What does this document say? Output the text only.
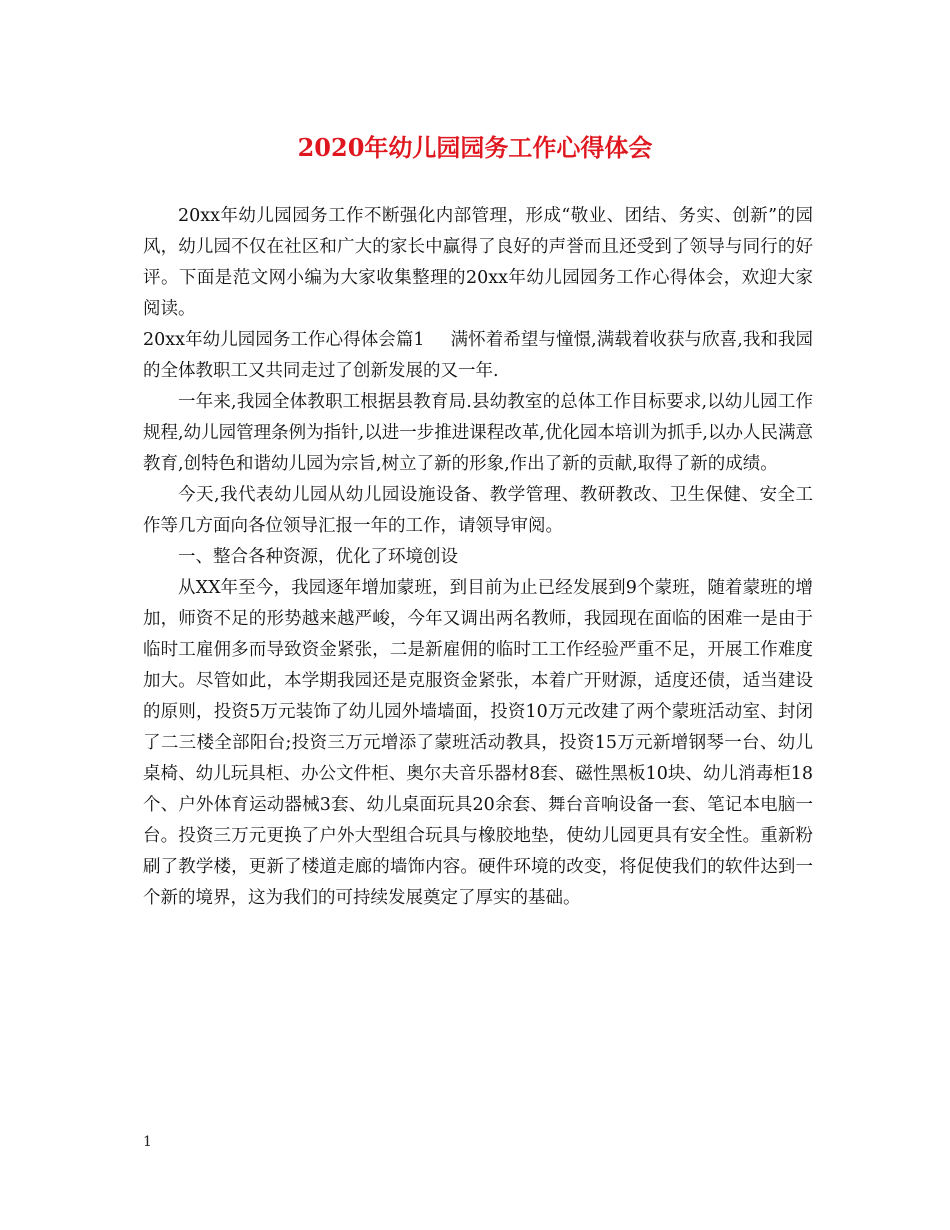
2020年幼儿园园务工作心得体会

20xx年幼儿园园务工作不断强化内部管理，形成“敬业、团结、务实、创新”的园风，幼儿园不仅在社区和广大的家长中赢得了良好的声誉而且还受到了领导与同行的好评。下面是范文网小编为大家收集整理的20xx年幼儿园园务工作心得体会，欢迎大家阅读。

20xx年幼儿园园务工作心得体会篇1 满怀着希望与憧憬,满载着收获与欣喜,我和我园的全体教职工又共同走过了创新发展的又一年.

一年来,我园全体教职工根据县教育局.县幼教室的总体工作目标要求,以幼儿园工作规程,幼儿园管理条例为指针,以进一步推进课程改革,优化园本培训为抓手,以办人民满意教育,创特色和谐幼儿园为宗旨,树立了新的形象,作出了新的贡献,取得了新的成绩。

今天,我代表幼儿园从幼儿园设施设备、教学管理、教研教改、卫生保健、安全工作等几方面向各位领导汇报一年的工作，请领导审阅。

一、整合各种资源，优化了环境创设

从XX年至今，我园逐年增加蒙班，到目前为止已经发展到9个蒙班，随着蒙班的增加，师资不足的形势越来越严峻，今年又调出两名教师，我园现在面临的困难一是由于临时工雇佣多而导致资金紧张，二是新雇佣的临时工工作经验严重不足，开展工作难度加大。尽管如此，本学期我园还是克服资金紧张，本着广开财源，适度还债，适当建设的原则，投资5万元装饰了幼儿园外墙墙面，投资10万元改建了两个蒙班活动室、封闭了二三楼全部阳台;投资三万元增添了蒙班活动教具，投资15万元新增钢琴一台、幼儿桌椅、幼儿玩具柜、办公文件柜、奥尔夫音乐器材8套、磁性黑板10块、幼儿消毒柜18个、户外体育运动器械3套、幼儿桌面玩具20余套、舞台音响设备一套、笔记本电脑一台。投资三万元更换了户外大型组合玩具与橡胶地垫，使幼儿园更具有安全性。重新粉刷了教学楼，更新了楼道走廊的墙饰内容。硬件环境的改变，将促使我们的软件达到一个新的境界，这为我们的可持续发展奠定了厚实的基础。

1
